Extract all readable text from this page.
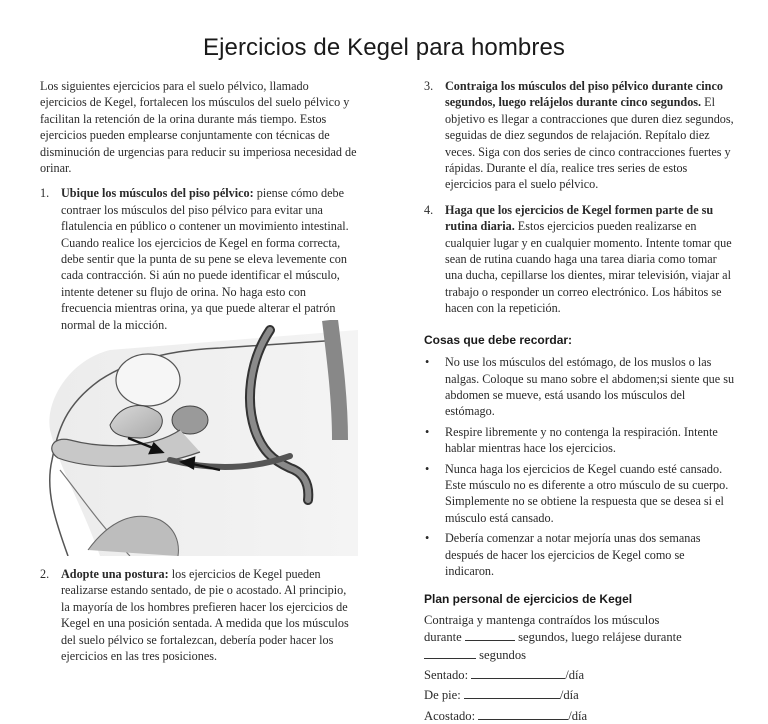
Ejercicios de Kegel para hombres

Los siguientes ejercicios para el suelo pélvico, llamado ejercicios de Kegel, fortalecen los músculos del suelo pélvico y facilitan la retención de la orina durante más tiempo. Estos ejercicios pueden emplearse conjuntamente con técnicas de disminución de urgencias para reducir su imperiosa necesidad de orinar.

1. Ubique los músculos del piso pélvico: piense cómo debe contraer los músculos del piso pélvico para evitar una flatulencia en público o contener un movimiento intestinal. Cuando realice los ejercicios de Kegel en forma correcta, debe sentir que la punta de su pene se eleva levemente con cada contracción. Si aún no puede identificar el músculo, intente detener su flujo de orina. No haga esto con frecuencia mientras orina, ya que puede alterar el patrón normal de la micción.
2. Adopte una postura: los ejercicios de Kegel pueden realizarse estando sentado, de pie o acostado. Al principio, la mayoría de los hombres prefieren hacer los ejercicios de Kegel en una posición sentada. A medida que los músculos del suelo pélvico se fortalezcan, debería poder hacer los ejercicios en las tres posiciones.
3. Contraiga los músculos del piso pélvico durante cinco segundos, luego relájelos durante cinco segundos. El objetivo es llegar a contracciones que duren diez segundos, seguidas de diez segundos de relajación. Repítalo diez veces. Siga con dos series de cinco contracciones fuertes y rápidas. Durante el día, realice tres series de estos ejercicios para el suelo pélvico.
4. Haga que los ejercicios de Kegel formen parte de su rutina diaria. Estos ejercicios pueden realizarse en cualquier lugar y en cualquier momento. Intente tomar que sean de rutina cuando haga una tarea diaria como tomar una ducha, cepillarse los dientes, mirar televisión, viajar al trabajo o responder un correo electrónico. Los hábitos se hacen con la repetición.

Cosas que debe recordar:

• No use los músculos del estómago, de los muslos o las nalgas. Coloque su mano sobre el abdomen;si siente que su abdomen se mueve, está usando los músculos del estómago.
• Respire libremente y no contenga la respiración. Intente hablar mientras hace los ejercicios.
• Nunca haga los ejercicios de Kegel cuando esté cansado. Este músculo no es diferente a otro músculo de su cuerpo. Simplemente no se obtiene la respuesta que se desea si el músculo está cansado.
• Debería comenzar a notar mejoría unas dos semanas después de hacer los ejercicios de Kegel como se indicaron.

Plan personal de ejercicios de Kegel

Contraiga y mantenga contraídos los músculos

durante	segundos, luego relájese durante

segundos

Sentado:	/día

De pie:	/día

Acostado:	/día
